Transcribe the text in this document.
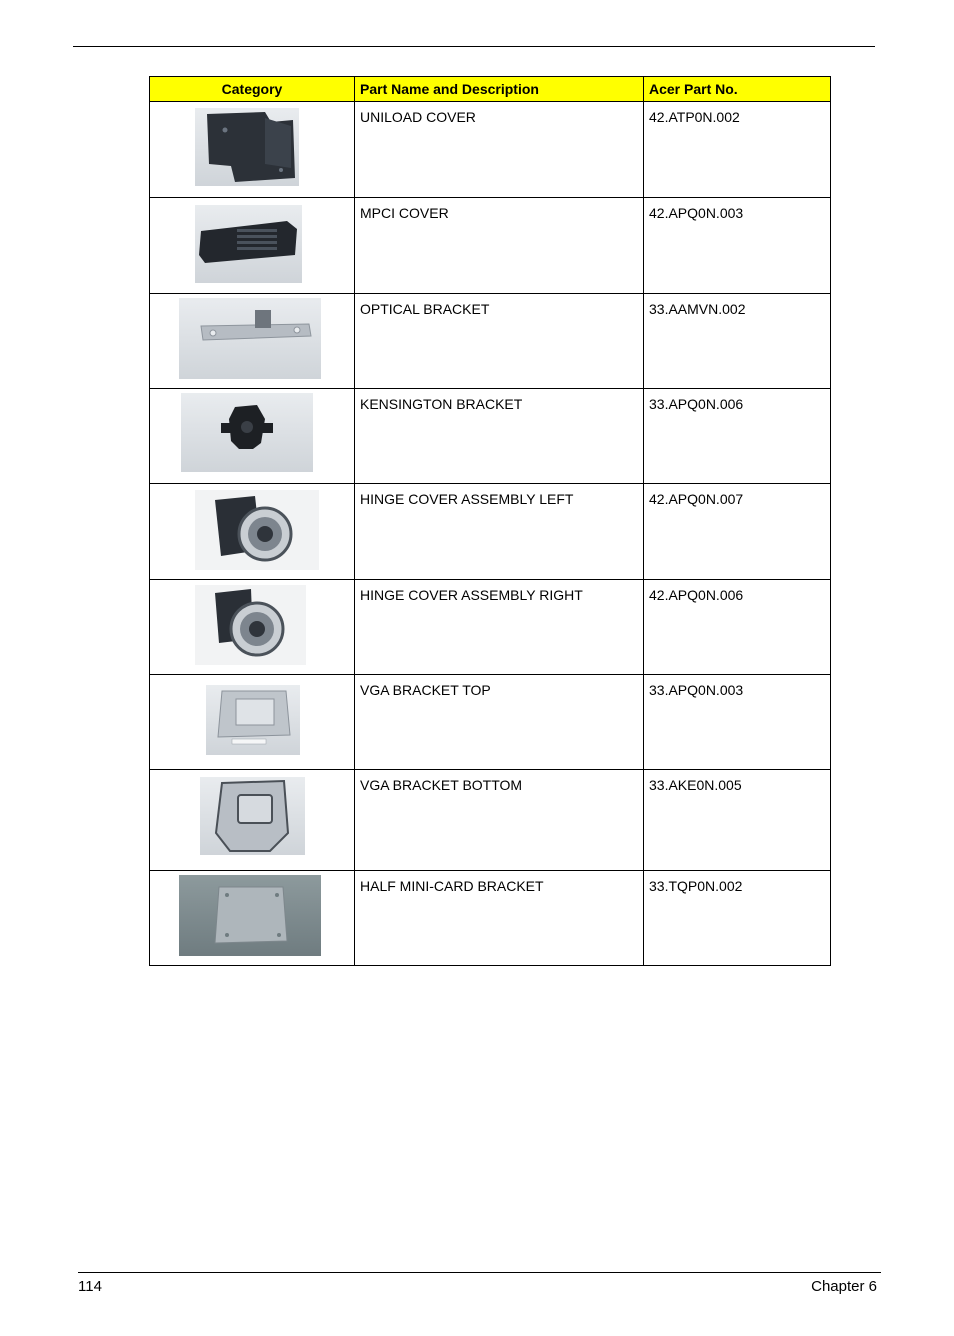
Category	Part Name and Description	Acer Part No.

	UNILOAD COVER	42.ATP0N.002

	MPCI COVER	42.APQ0N.003

	OPTICAL BRACKET	33.AAMVN.002

	KENSINGTON BRACKET	33.APQ0N.006

	HINGE COVER ASSEMBLY LEFT	42.APQ0N.007

	HINGE COVER ASSEMBLY RIGHT	42.APQ0N.006

	VGA BRACKET TOP	33.APQ0N.003

	VGA BRACKET BOTTOM	33.AKE0N.005

	HALF MINI-CARD BRACKET	33.TQP0N.002
114	Chapter 6
